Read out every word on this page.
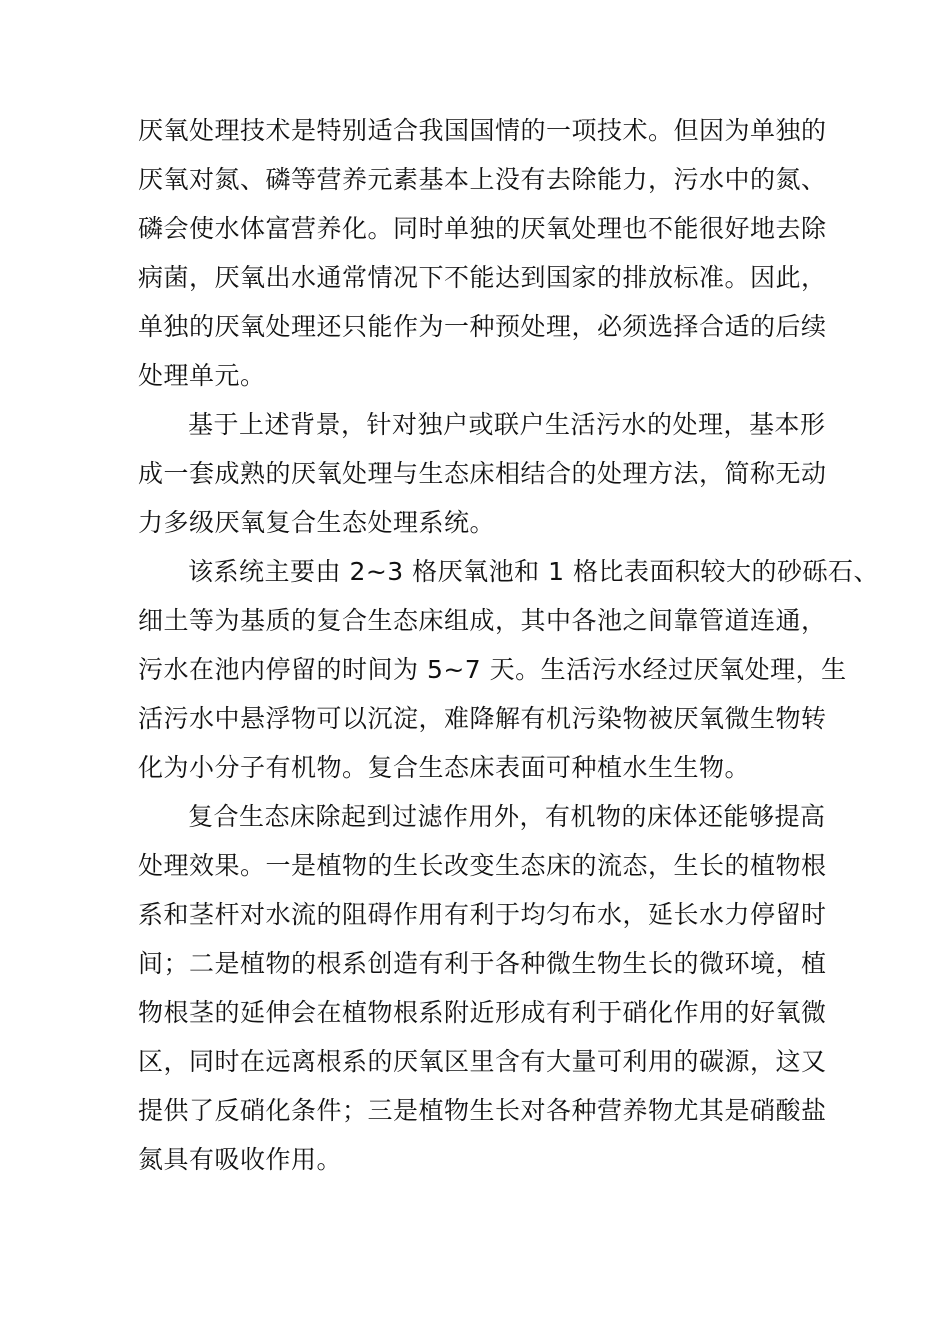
厌氧处理技术是特别适合我国国情的一项技术。但因为单独的
厌氧对氮、磷等营养元素基本上没有去除能力，污水中的氮、
磷会使水体富营养化。同时单独的厌氧处理也不能很好地去除
病菌，厌氧出水通常情况下不能达到国家的排放标准。因此，
单独的厌氧处理还只能作为一种预处理，必须选择合适的后续
处理单元。
基于上述背景，针对独户或联户生活污水的处理，基本形
成一套成熟的厌氧处理与生态床相结合的处理方法，简称无动
力多级厌氧复合生态处理系统。
该系统主要由 2~3 格厌氧池和 1 格比表面积较大的砂砾石、
细土等为基质的复合生态床组成，其中各池之间靠管道连通，
污水在池内停留的时间为 5~7 天。生活污水经过厌氧处理，生
活污水中悬浮物可以沉淀，难降解有机污染物被厌氧微生物转
化为小分子有机物。复合生态床表面可种植水生生物。
复合生态床除起到过滤作用外，有机物的床体还能够提高
处理效果。一是植物的生长改变生态床的流态，生长的植物根
系和茎杆对水流的阻碍作用有利于均匀布水，延长水力停留时
间；二是植物的根系创造有利于各种微生物生长的微环境，植
物根茎的延伸会在植物根系附近形成有利于硝化作用的好氧微
区，同时在远离根系的厌氧区里含有大量可利用的碳源，这又
提供了反硝化条件；三是植物生长对各种营养物尤其是硝酸盐
氮具有吸收作用。
